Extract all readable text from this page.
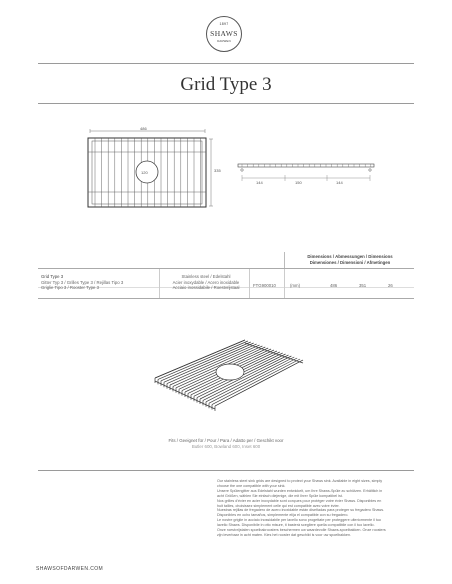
1897
SHAWS
DARWEN
Grid Type 3
486
335
120
144	150	144
Dimensions / Abmessungen / Dimensions
Dimensiones / Dimensioni / Afmetingen
Grid Type 3
Gitter Typ 3 / Grilles Type 3 / Rejillas Tipo 3
Griglie Tipo 3 / Rooster Type 3
Stainless steel / Edelstahl
Acier inoxydable / Acero inoxidable
Acciaio inossidabile / Roestvrijstaal	FTG900010	(mm)	486	351	26
Fits / Geeignet für / Pour / Para / Adatto per / Geschikt voor
Butler 600, Bowland 600, Inset 600
Our stainless steel sink grids are designed to protect your Shaws sink. Available in eight sizes, simply
choose the one compatible with your sink.
Unsere Spülengitter aus Edelstahl wurden entwickelt, um Ihre Shaws-Spüle zu schützen. Erhältlich in
acht Größen, wählen Sie einfach diejenige, die mit Ihrer Spüle kompatibel ist.
Nos grilles d'évier en acier inoxydable sont conçues pour protéger votre évier Shaws. Disponibles en
huit tailles, choisissez simplement celle qui est compatible avec votre évier.
Nuestras rejillas de fregadero de acero inoxidable están diseñadas para proteger su fregadero Shaws.
Disponibles en ocho tamaños, simplemente elija el compatible con su fregadero.
Le nostre griglie in acciaio inossidabile per lavello sono progettate per proteggere ulteriormente il tuo
lavello Shaws. Disponibile in otto misure, ti basterà scegliere quella compatibile con il tuo lavello.
Onze roestvrijstalen spoelbakroosters beschermen uw waardevolle Shaws-spoelbakken. Onze roosters
zijn leverbaar in acht maten. Kies het rooster dat geschikt is voor uw spoelbakken.
SHAWSOFDARWEN.COM
